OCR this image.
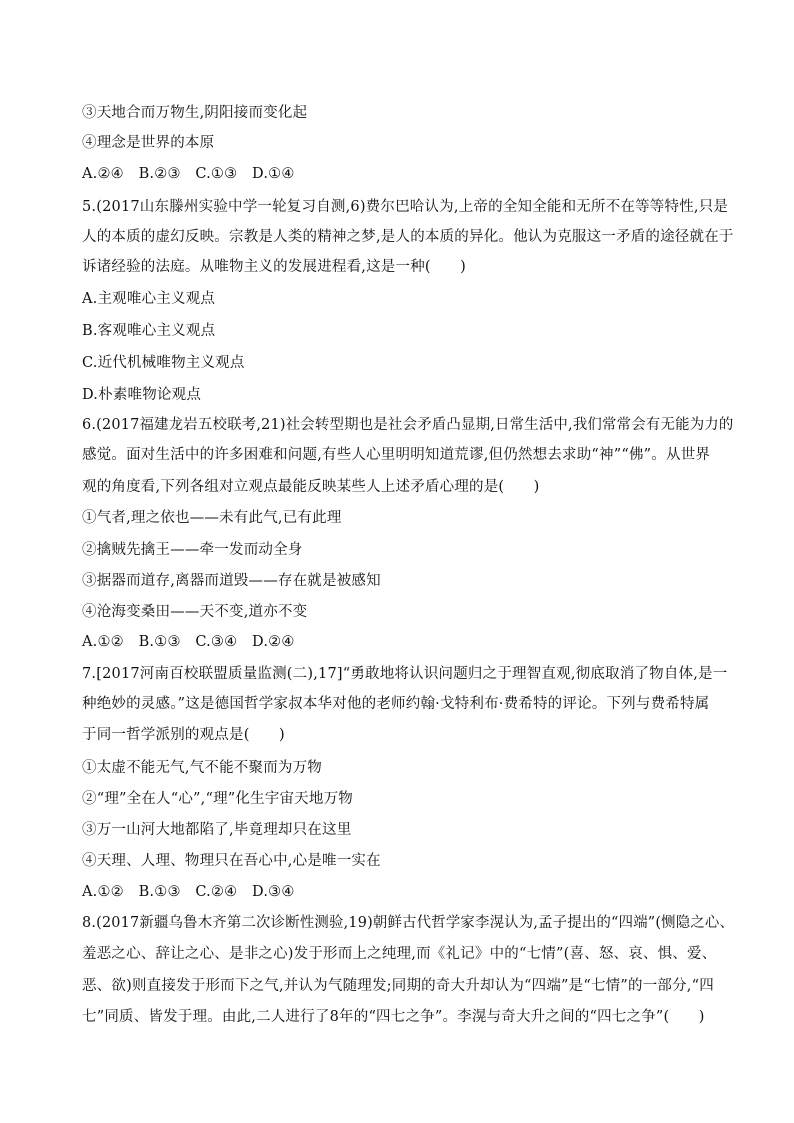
③天地合而万物生,阴阳接而变化起
④理念是世界的本原
A.②④　B.②③　C.①③　D.①④
5.(2017山东滕州实验中学一轮复习自测,6)费尔巴哈认为,上帝的全知全能和无所不在等等特性,只是
人的本质的虚幻反映。宗教是人类的精神之梦,是人的本质的异化。他认为克服这一矛盾的途径就在于
诉诸经验的法庭。从唯物主义的发展进程看,这是一种(　　)
A.主观唯心主义观点
B.客观唯心主义观点
C.近代机械唯物主义观点
D.朴素唯物论观点
6.(2017福建龙岩五校联考,21)社会转型期也是社会矛盾凸显期,日常生活中,我们常常会有无能为力的
感觉。面对生活中的许多困难和问题,有些人心里明明知道荒谬,但仍然想去求助“神”“佛”。从世界
观的角度看,下列各组对立观点最能反映某些人上述矛盾心理的是(　　)
①气者,理之依也——未有此气,已有此理
②擒贼先擒王——牵一发而动全身
③据器而道存,离器而道毁——存在就是被感知
④沧海变桑田——天不变,道亦不变
A.①②　B.①③　C.③④　D.②④
7.[2017河南百校联盟质量监测(二),17]“勇敢地将认识问题归之于理智直观,彻底取消了物自体,是一
种绝妙的灵感。”这是德国哲学家叔本华对他的老师约翰·戈特利布·费希特的评论。下列与费希特属
于同一哲学派别的观点是(　　)
①太虚不能无气,气不能不聚而为万物
②“理”全在人“心”,“理”化生宇宙天地万物
③万一山河大地都陷了,毕竟理却只在这里
④天理、人理、物理只在吾心中,心是唯一实在
A.①②　B.①③　C.②④　D.③④
8.(2017新疆乌鲁木齐第二次诊断性测验,19)朝鲜古代哲学家李滉认为,孟子提出的“四端”(恻隐之心、
羞恶之心、辞让之心、是非之心)发于形而上之纯理,而《礼记》中的“七情”(喜、怒、哀、惧、爱、
恶、欲)则直接发于形而下之气,并认为气随理发;同期的奇大升却认为“四端”是“七情”的一部分,“四
七”同质、皆发于理。由此,二人进行了8年的“四七之争”。李滉与奇大升之间的“四七之争”(　　)
